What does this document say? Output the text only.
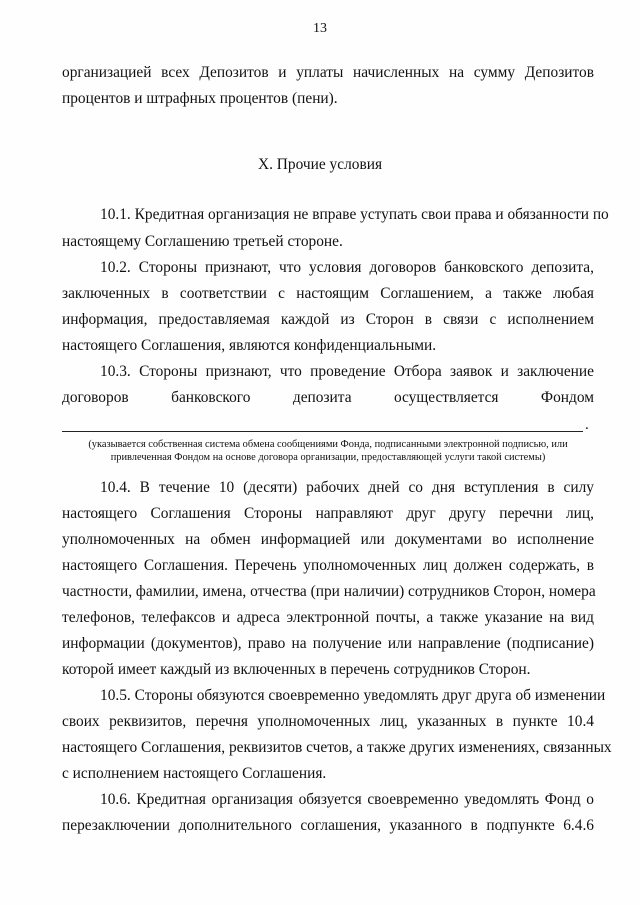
13
организацией всех Депозитов и уплаты начисленных на сумму Депозитов
процентов и штрафных процентов (пени).
X. Прочие условия
10.1. Кредитная организация не вправе уступать свои права и обязанности по
настоящему Соглашению третьей стороне.
10.2. Стороны признают, что условия договоров банковского депозита,
заключенных в соответствии с настоящим Соглашением, а также любая
информация, предоставляемая каждой из Сторон в связи с исполнением
настоящего Соглашения, являются конфиденциальными.
10.3. Стороны признают, что проведение Отбора заявок и заключение
договоров банковского депозита осуществляется Фондом
.
(указывается собственная система обмена сообщениями Фонда, подписанными электронной подписью, или
привлеченная Фондом на основе договора организации, предоставляющей услуги такой системы)
10.4. В течение 10 (десяти) рабочих дней со дня вступления в силу
настоящего Соглашения Стороны направляют друг другу перечни лиц,
уполномоченных на обмен информацией или документами во исполнение
настоящего Соглашения. Перечень уполномоченных лиц должен содержать, в
частности, фамилии, имена, отчества (при наличии) сотрудников Сторон, номера
телефонов, телефаксов и адреса электронной почты, а также указание на вид
информации (документов), право на получение или направление (подписание)
которой имеет каждый из включенных в перечень сотрудников Сторон.
10.5. Стороны обязуются своевременно уведомлять друг друга об изменении
своих реквизитов, перечня уполномоченных лиц, указанных в пункте 10.4
настоящего Соглашения, реквизитов счетов, а также других изменениях, связанных
с исполнением настоящего Соглашения.
10.6. Кредитная организация обязуется своевременно уведомлять Фонд о
перезаключении дополнительного соглашения, указанного в подпункте 6.4.6
